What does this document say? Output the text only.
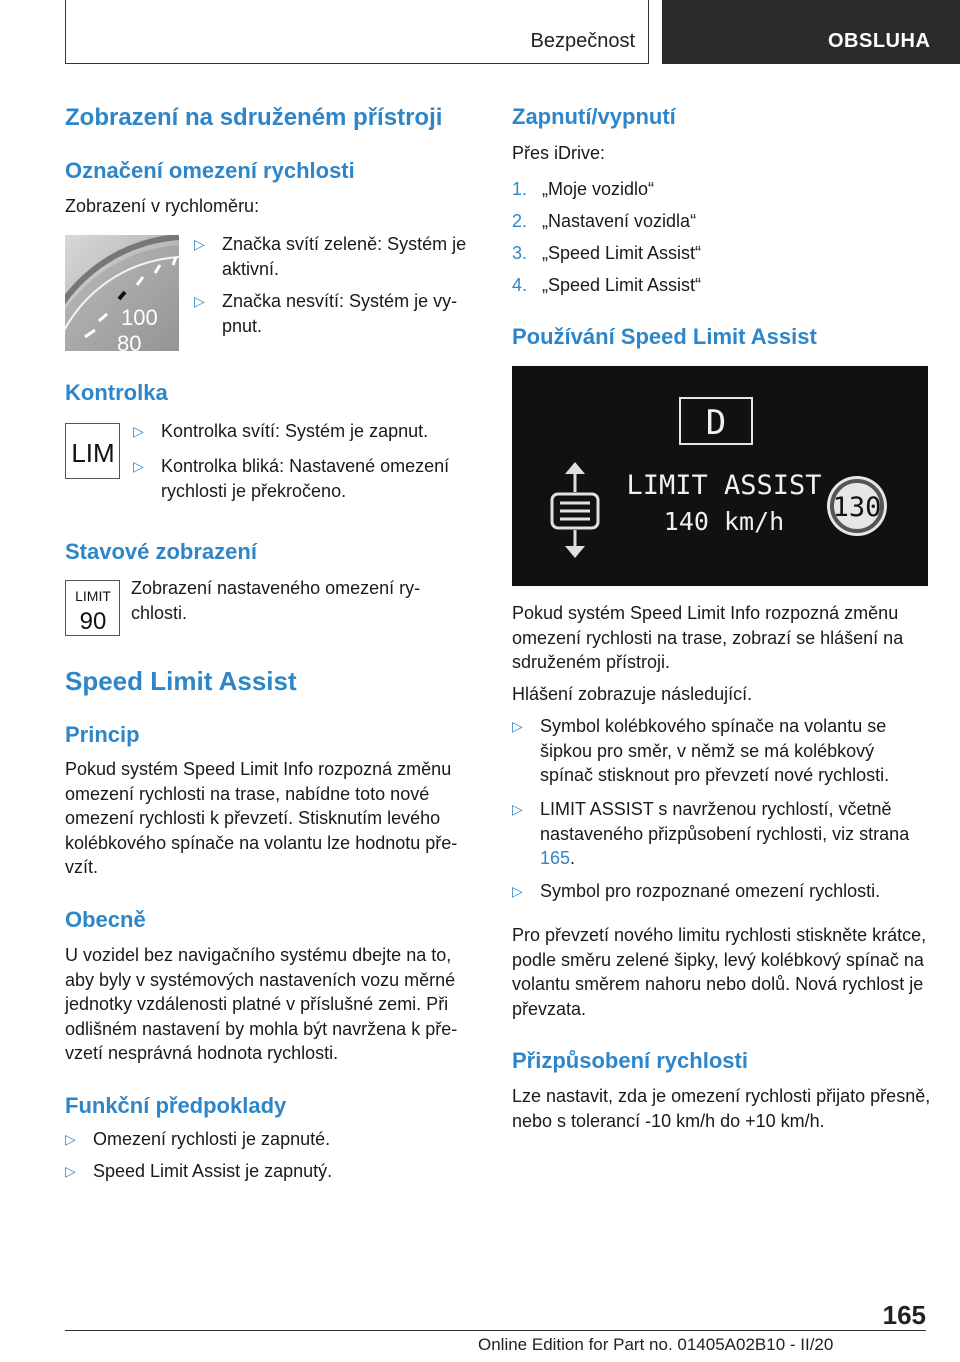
Bezpečnost	OBSLUHA
Zobrazení na sdruženém přístroji
Označení omezení rychlosti

Zobrazení v rychloměru:

100
80
▷ Značka svítí zeleně: Systém je aktivní.
▷ Značka nesvítí: Systém je vy-pnut.
Kontrolka
LIM
▷ Kontrolka svítí: Systém je zapnut.
▷ Kontrolka bliká: Nastavené omezení rychlosti je překročeno.
Stavové zobrazení
LIMIT
90

Zobrazení nastaveného omezení ry-chlosti.

Speed Limit Assist
Princip

Pokud systém Speed Limit Info rozpozná změnu omezení rychlosti na trase, nabídne toto nové omezení rychlosti k převzetí. Stisknutím levého kolébkového spínače na volantu lze hodnotu pře-vzít.

Obecně

U vozidel bez navigačního systému dbejte na to, aby byly v systémových nastaveních vozu měrné jednotky vzdálenosti platné v příslušné zemi. Při odlišném nastavení by mohla být navržena k pře-vzetí nesprávná hodnota rychlosti.

Funkční předpoklady
▷ Omezení rychlosti je zapnuté.
▷ Speed Limit Assist je zapnutý.
Zapnutí/vypnutí

Přes iDrive:

1. „Moje vozidlo“
2. „Nastavení vozidla“
3. „Speed Limit Assist“
4. „Speed Limit Assist“
Používání Speed Limit Assist
D
LIMIT ASSIST
140 km/h 130

Pokud systém Speed Limit Info rozpozná změnu omezení rychlosti na trase, zobrazí se hlášení na sdruženém přístroji.

Hlášení zobrazuje následující.

▷ Symbol kolébkového spínače na volantu se šipkou pro směr, v němž se má kolébkový spínač stisknout pro převzetí nové rychlosti.
▷ LIMIT ASSIST s navrženou rychlostí, včetně nastaveného přizpůsobení rychlosti, viz strana 165.
▷ Symbol pro rozpoznané omezení rychlosti.

Pro převzetí nového limitu rychlosti stiskněte krátce, podle směru zelené šipky, levý kolébkový spínač na volantu směrem nahoru nebo dolů. Nová rychlost je převzata.

Přizpůsobení rychlosti

Lze nastavit, zda je omezení rychlosti přijato přesně, nebo s tolerancí -10 km/h do +10 km/h.

165
Online Edition for Part no. 01405A02B10 - II/20
